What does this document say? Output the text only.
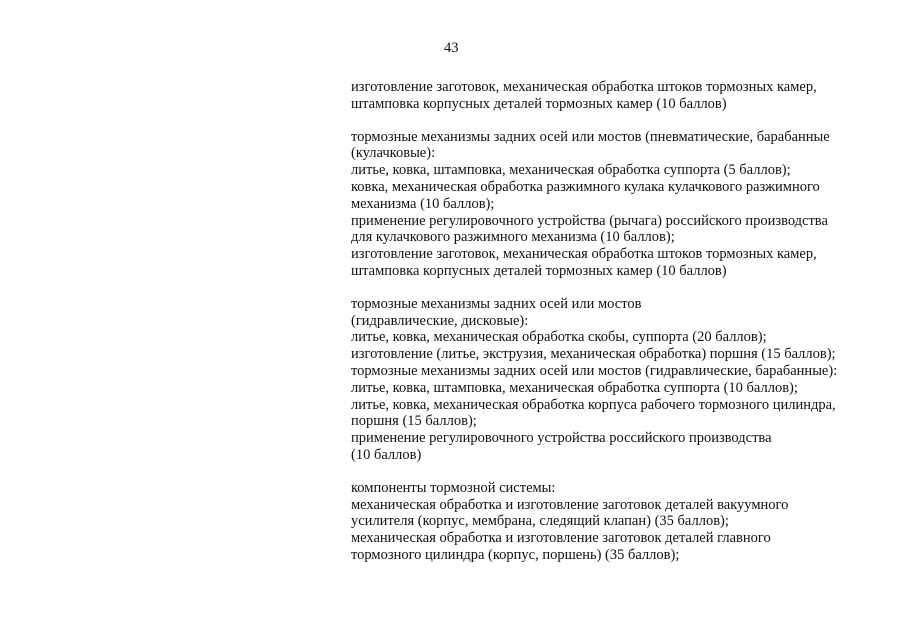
43
изготовление заготовок, механическая обработка штоков тормозных камер,
штамповка корпусных деталей тормозных камер (10 баллов)
тормозные механизмы задних осей или мостов (пневматические, барабанные
(кулачковые):
литье, ковка, штамповка, механическая обработка суппорта (5 баллов);
ковка, механическая обработка разжимного кулака кулачкового разжимного
механизма (10 баллов);
применение регулировочного устройства (рычага) российского производства
для кулачкового разжимного механизма (10 баллов);
изготовление заготовок, механическая обработка штоков тормозных камер,
штамповка корпусных деталей тормозных камер (10 баллов)
тормозные механизмы задних осей или мостов
(гидравлические, дисковые):
литье, ковка, механическая обработка скобы, суппорта (20 баллов);
изготовление (литье, экструзия, механическая обработка) поршня (15 баллов);
тормозные механизмы задних осей или мостов (гидравлические, барабанные):
литье, ковка, штамповка, механическая обработка суппорта (10 баллов);
литье, ковка, механическая обработка корпуса рабочего тормозного цилиндра,
поршня (15 баллов);
применение регулировочного устройства российского производства
(10 баллов)
компоненты тормозной системы:
механическая обработка и изготовление заготовок деталей вакуумного
усилителя (корпус, мембрана, следящий клапан) (35 баллов);
механическая обработка и изготовление заготовок деталей главного
тормозного цилиндра (корпус, поршень) (35 баллов);
